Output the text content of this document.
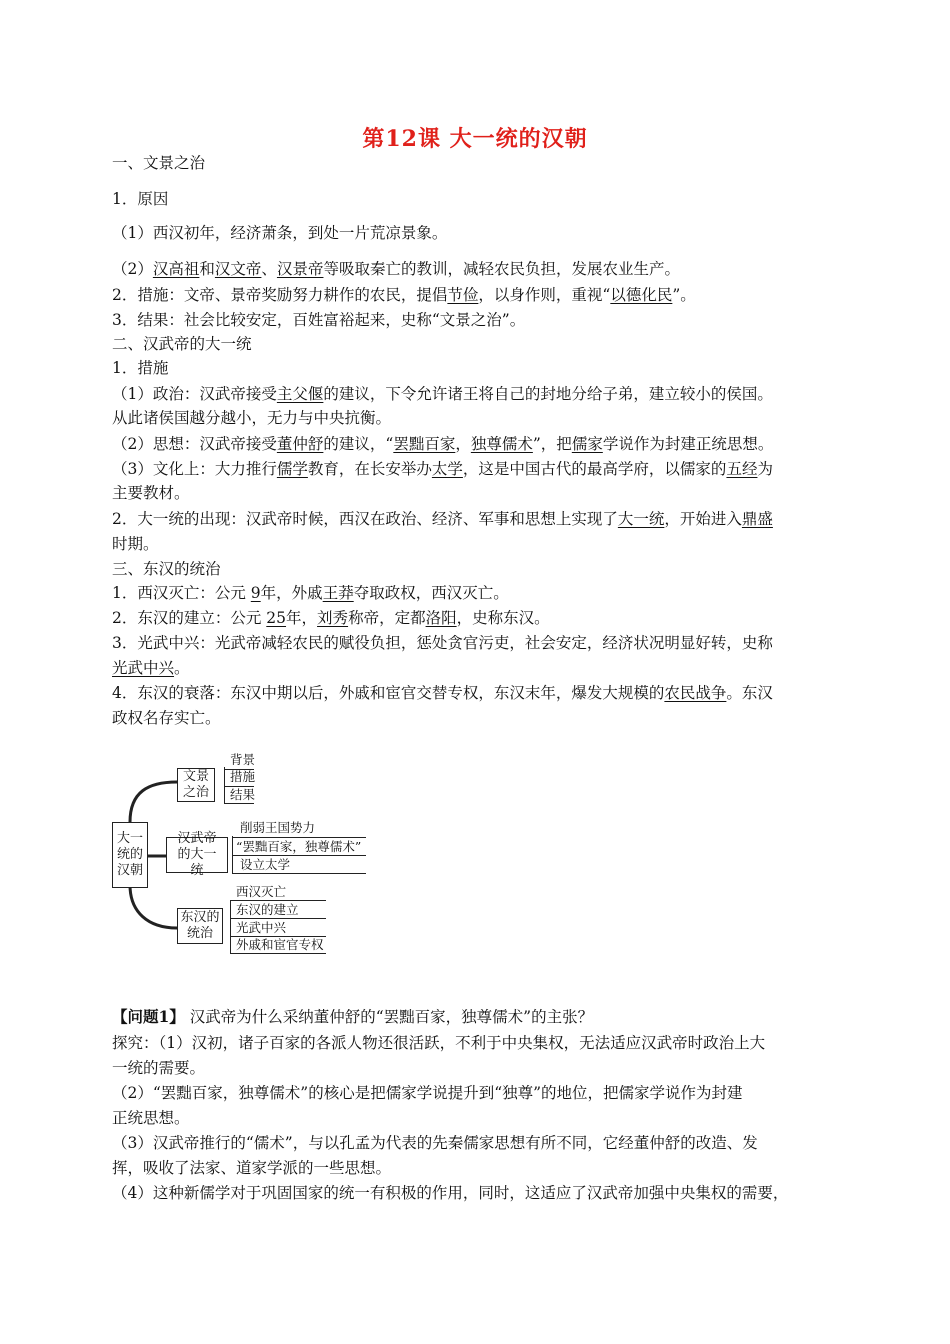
第12课 大一统的汉朝
一、文景之治
1．原因
（1）西汉初年，经济萧条，到处一片荒凉景象。
（2）汉高祖和汉文帝、汉景帝等吸取秦亡的教训，减轻农民负担，发展农业生产。
2．措施：文帝、景帝奖励努力耕作的农民，提倡节俭，以身作则，重视“以德化民”。
3．结果：社会比较安定，百姓富裕起来，史称“文景之治”。
二、汉武帝的大一统
1．措施
（1）政治：汉武帝接受主父偃的建议，下令允许诸王将自己的封地分给子弟，建立较小的侯国。
从此诸侯国越分越小，无力与中央抗衡。
（2）思想：汉武帝接受董仲舒的建议，“罢黜百家，独尊儒术”，把儒家学说作为封建正统思想。
（3）文化上：大力推行儒学教育，在长安举办太学，这是中国古代的最高学府，以儒家的五经为
主要教材。
2．大一统的出现：汉武帝时候，西汉在政治、经济、军事和思想上实现了大一统，开始进入鼎盛
时期。
三、东汉的统治
1．西汉灭亡：公元 9年，外戚王莽夺取政权，西汉灭亡。
2．东汉的建立：公元 25年，刘秀称帝，定都洛阳，史称东汉。
3．光武中兴：光武帝减轻农民的赋役负担，惩处贪官污吏，社会安定，经济状况明显好转，史称
光武中兴。
4．东汉的衰落：东汉中期以后，外戚和宦官交替专权，东汉末年，爆发大规模的农民战争。东汉
政权名存实亡。
大一统的汉朝
文景之治
背景
措施
结果
汉武帝的大一统
削弱王国势力
“罢黜百家，独尊儒术”
设立太学
东汉的统治
西汉灭亡
东汉的建立
光武中兴
外戚和宦官专权
【问题1】 汉武帝为什么采纳董仲舒的“罢黜百家，独尊儒术”的主张？
探究：（1）汉初，诸子百家的各派人物还很活跃，不利于中央集权，无法适应汉武帝时政治上大
一统的需要。
（2）“罢黜百家，独尊儒术”的核心是把儒家学说提升到“独尊”的地位，把儒家学说作为封建
正统思想。
（3）汉武帝推行的“儒术”，与以孔孟为代表的先秦儒家思想有所不同，它经董仲舒的改造、发
挥，吸收了法家、道家学派的一些思想。
（4）这种新儒学对于巩固国家的统一有积极的作用，同时，这适应了汉武帝加强中央集权的需要，
